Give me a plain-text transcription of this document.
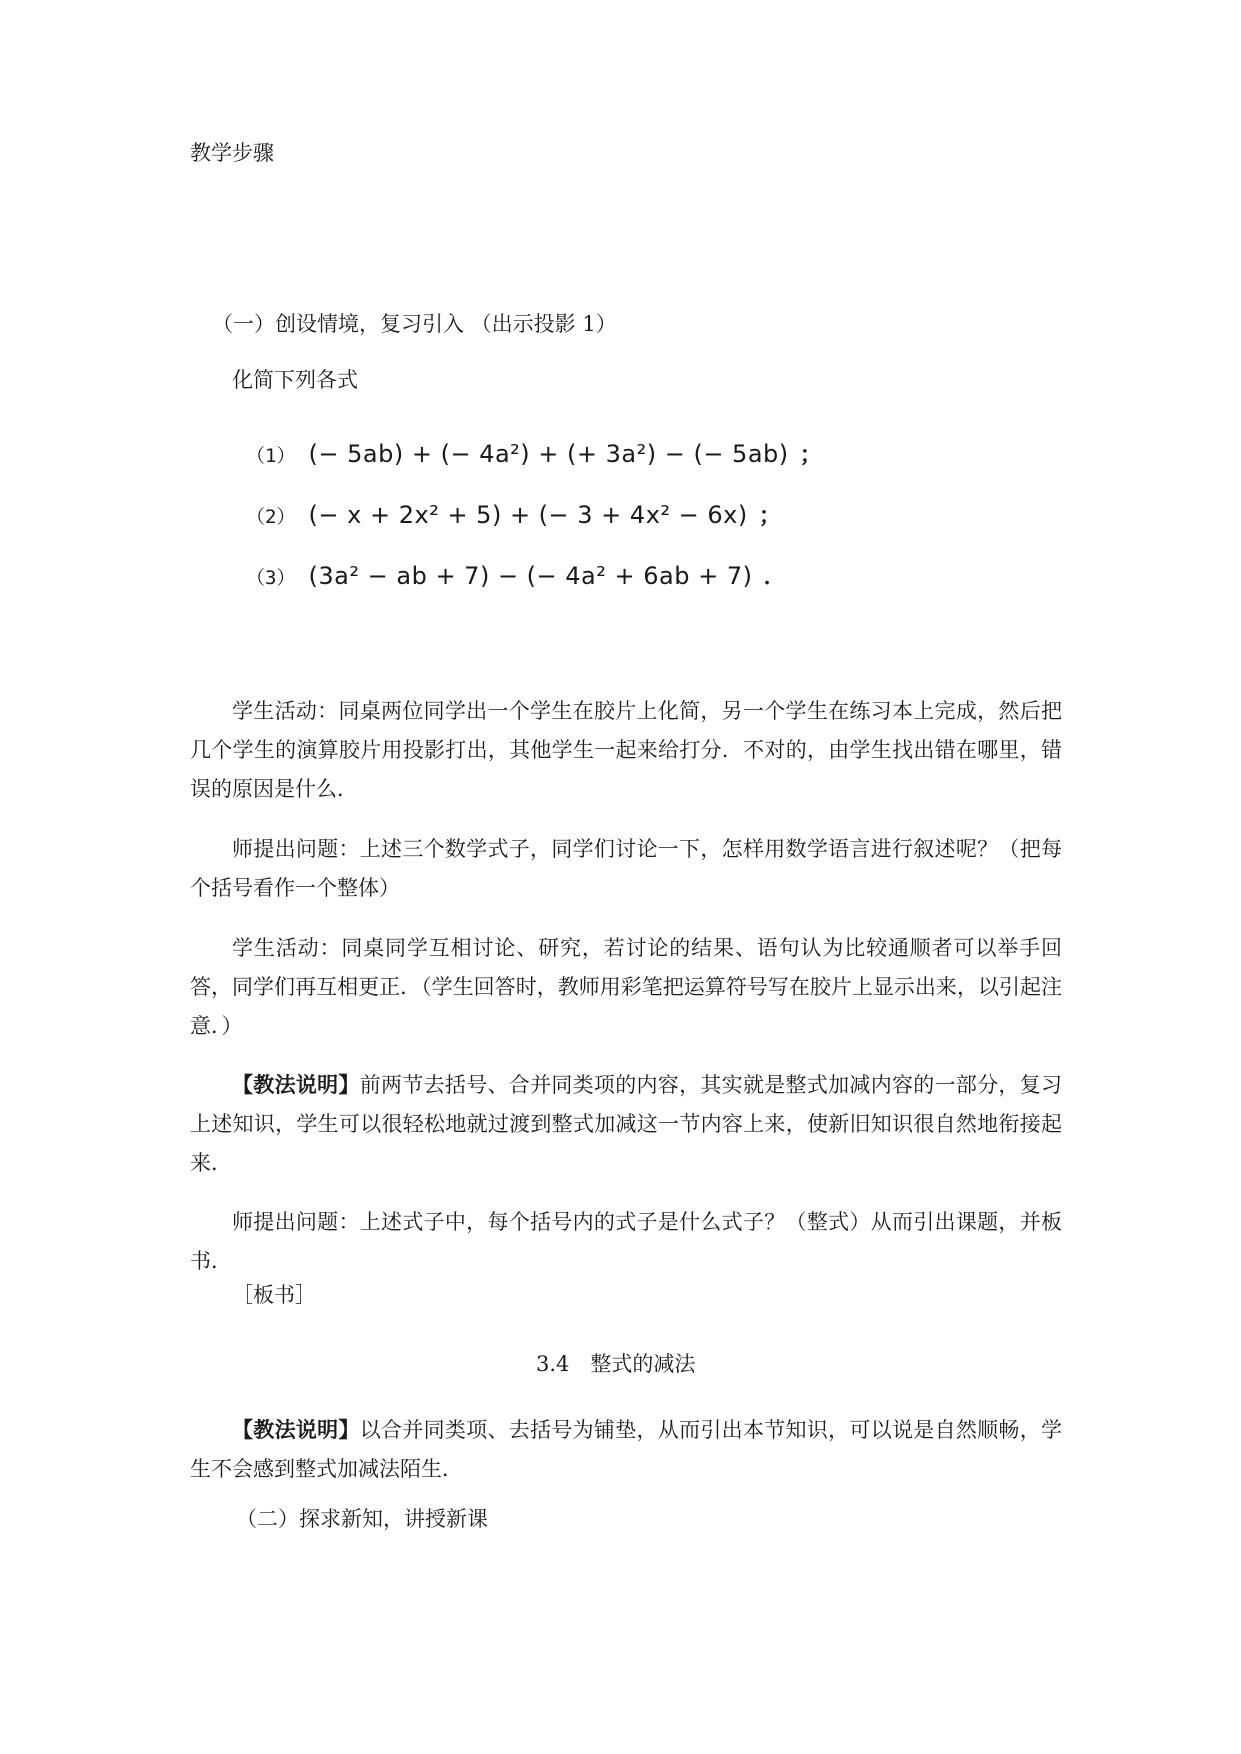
教学步骤
（一）创设情境，复习引入 （出示投影 1）
化简下列各式
（1） (− 5ab) + (− 4a²) + (+ 3a²) − (− 5ab) ；
（2） (− x + 2x² + 5) + (− 3 + 4x² − 6x) ；
（3） (3a² − ab + 7) − (− 4a² + 6ab + 7) ．
学生活动：同桌两位同学出一个学生在胶片上化简，另一个学生在练习本上完成，然后把几个学生的演算胶片用投影打出，其他学生一起来给打分．不对的，由学生找出错在哪里，错误的原因是什么．
师提出问题：上述三个数学式子，同学们讨论一下，怎样用数学语言进行叙述呢？（把每个括号看作一个整体）
学生活动：同桌同学互相讨论、研究，若讨论的结果、语句认为比较通顺者可以举手回答，同学们再互相更正．（学生回答时，教师用彩笔把运算符号写在胶片上显示出来，以引起注意．）
【教法说明】前两节去括号、合并同类项的内容，其实就是整式加减内容的一部分，复习上述知识，学生可以很轻松地就过渡到整式加减这一节内容上来，使新旧知识很自然地衔接起来．
师提出问题：上述式子中，每个括号内的式子是什么式子？（整式）从而引出课题，并板书．
［板书］
3.4　整式的减法
【教法说明】以合并同类项、去括号为铺垫，从而引出本节知识，可以说是自然顺畅，学生不会感到整式加减法陌生．
（二）探求新知，讲授新课
